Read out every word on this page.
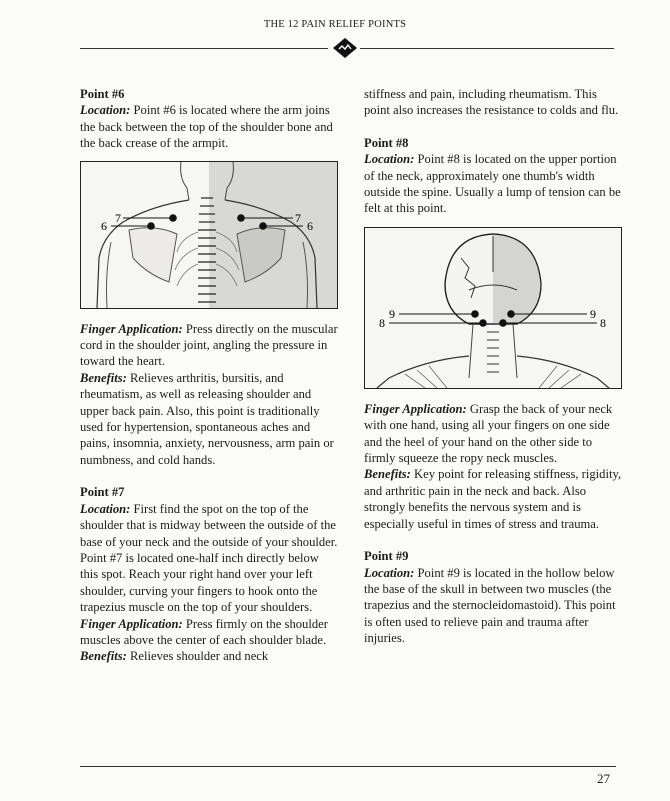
THE 12 PAIN RELIEF POINTS

Point #6

Location: Point #6 is located where the arm joins the back between the top of the shoulder bone and the back crease of the armpit.

7
6
7
6

Finger Application: Press directly on the muscular cord in the shoulder joint, angling the pressure in toward the heart.

Benefits: Relieves arthritis, bursitis, and rheumatism, as well as releasing shoulder and upper back pain. Also, this point is traditionally used for hypertension, spontaneous aches and pains, insomnia, anxiety, nervousness, arm pain or numbness, and cold hands.

Point #7

Location: First find the spot on the top of the shoulder that is midway between the outside of the base of your neck and the outside of your shoulder. Point #7 is located one-half inch directly below this spot. Reach your right hand over your left shoulder, curving your fingers to hook onto the trapezius muscle on the top of your shoulders.

Finger Application: Press firmly on the shoulder muscles above the center of each shoulder blade.

Benefits: Relieves shoulder and neck

stiffness and pain, including rheumatism. This point also increases the resistance to colds and flu.

Point #8

Location: Point #8 is located on the upper portion of the neck, approximately one thumb's width outside the spine. Usually a lump of tension can be felt at this point.

9
8
9
8

Finger Application: Grasp the back of your neck with one hand, using all your fingers on one side and the heel of your hand on the other side to firmly squeeze the ropy neck muscles.

Benefits: Key point for releasing stiffness, rigidity, and arthritic pain in the neck and back. Also strongly benefits the nervous system and is especially useful in times of stress and trauma.

Point #9

Location: Point #9 is located in the hollow below the base of the skull in between two muscles (the trapezius and the sternocleidomastoid). This point is often used to relieve pain and trauma after injuries.

27
